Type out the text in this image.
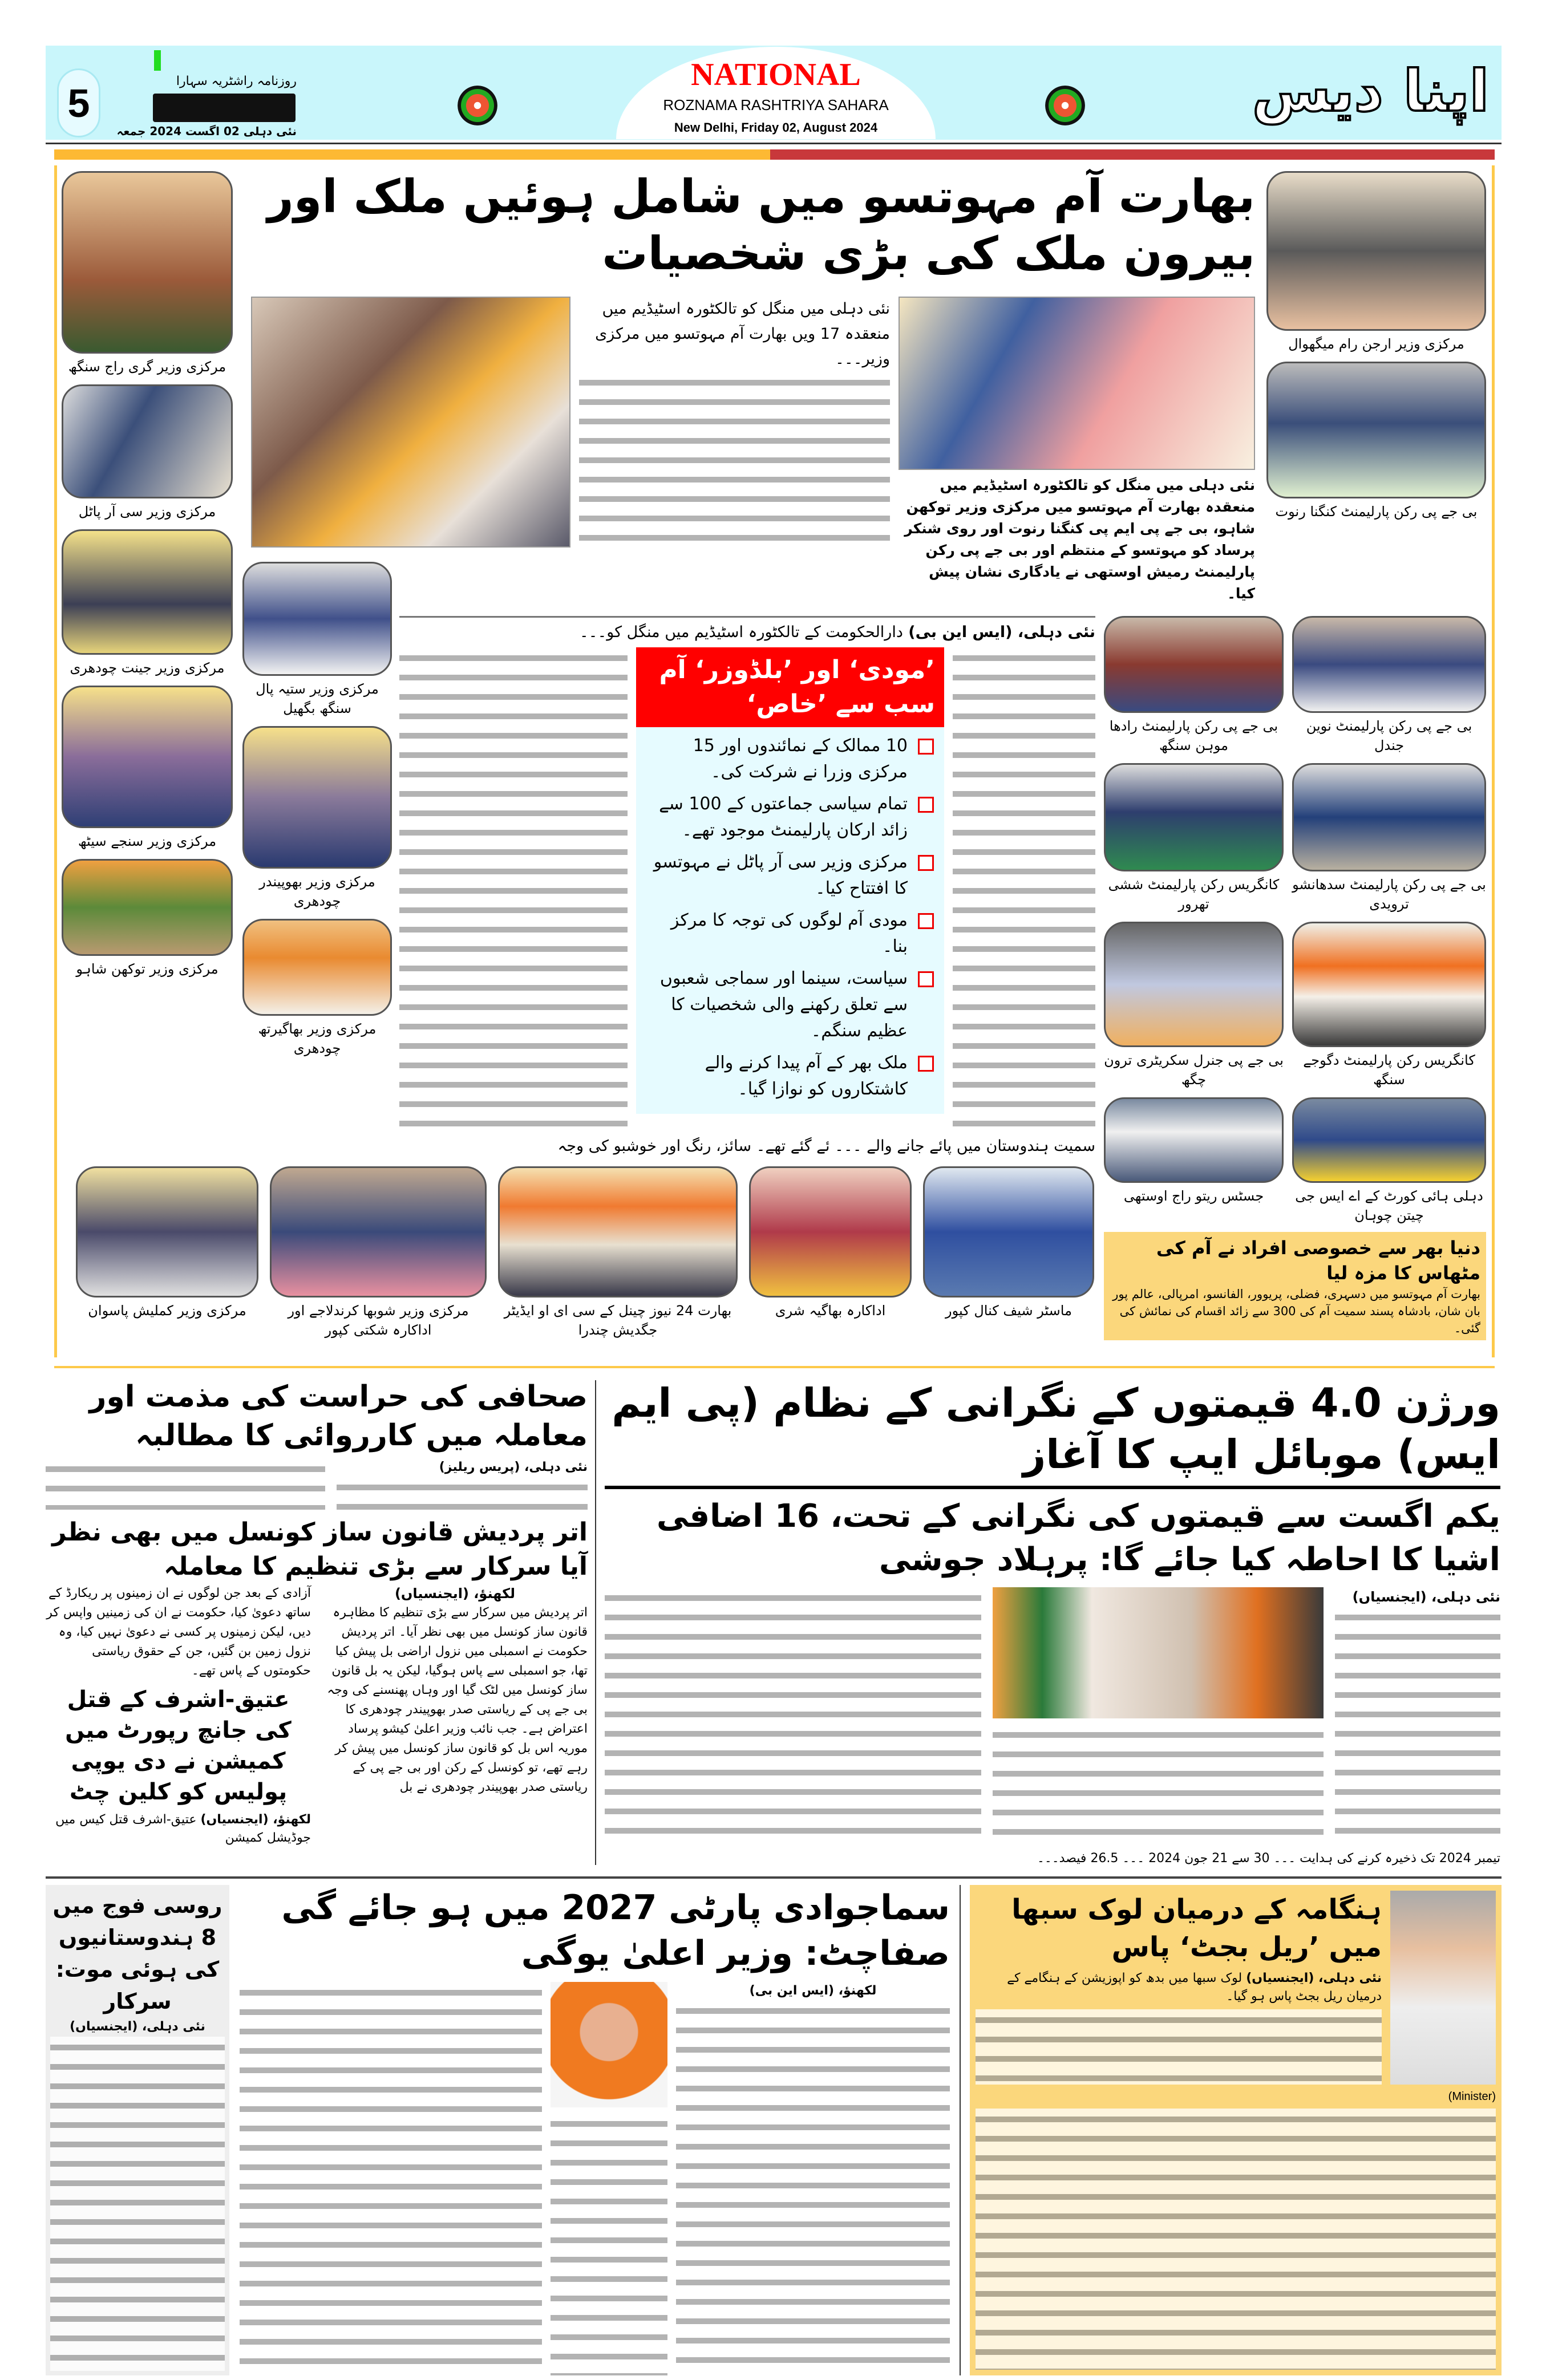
5	روزنامہ راشٹریہ سہارا
نئی دہلی 02 اگست 2024 جمعہ
NATIONAL
ROZNAMA RASHTRIYA SAHARA
New Delhi, Friday 02, August 2024
اپنا دیس
بھارت آم مہوتسو میں شامل ہوئیں ملک اور بیرون ملک کی بڑی شخصیات
مرکزی وزیر گری راج سنگھ
مرکزی وزیر سی آر پاٹل
مرکزی وزیر جینت چودھری
مرکزی وزیر سنجے سیٹھ
مرکزی وزیر توکھن شاہو
مرکزی وزیر ستیہ پال سنگھ بگھیل
مرکزی وزیر بھوپیندر چودھری
مرکزی وزیر بھاگیرتھ چودھری
نئی دہلی میں منگل کو تالکٹورہ اسٹیڈیم میں منعقدہ 17 ویں بھارت آم مہوتسو میں مرکزی وزیر۔۔۔
نئی دہلی میں منگل کو تالکٹورہ اسٹیڈیم میں منعقدہ بھارت آم مہوتسو میں مرکزی وزیر توکھن شاہو، بی جے پی ایم پی کنگنا رنوت اور روی شنکر پرساد کو مہوتسو کے منتظم اور بی جے پی رکن پارلیمنٹ رمیش اوستھی نے یادگاری نشان پیش کیا۔
مرکزی وزیر ارجن رام میگھوال
بی جے پی رکن پارلیمنٹ کنگنا رنوت
بی جے پی رکن پارلیمنٹ نوین جندل
بی جے پی رکن پارلیمنٹ سدھانشو ترویدی
کانگریس رکن پارلیمنٹ دگوجے سنگھ
دہلی ہائی کورٹ کے اے ایس جی چیتن چوہان
بی جے پی رکن پارلیمنٹ رادھا موہن سنگھ
کانگریس رکن پارلیمنٹ ششی تھرور
بی جے پی جنرل سکریٹری ترون چگھ
جسٹس ریتو راج اوستھی
نئی دہلی، (ایس این بی) دارالحکومت کے تالکٹورہ اسٹیڈیم میں منگل کو۔۔۔
’مودی‘ اور ’بلڈوزر‘ آم سب سے ’خاص‘
10 ممالک کے نمائندوں اور 15 مرکزی وزرا نے شرکت کی۔
تمام سیاسی جماعتوں کے 100 سے زائد ارکان پارلیمنٹ موجود تھے۔
مرکزی وزیر سی آر پاٹل نے مہوتسو کا افتتاح کیا۔
مودی آم لوگوں کی توجہ کا مرکز بنا۔
سیاست، سینما اور سماجی شعبوں سے تعلق رکھنے والی شخصیات کا عظیم سنگم۔
ملک بھر کے آم پیدا کرنے والے کاشتکاروں کو نوازا گیا۔
سمیت ہندوستان میں پائے جانے والے ۔۔۔ ئے گئے تھے۔ سائز، رنگ اور خوشبو کی وجہ
ماسٹر شیف کنال کپور
اداکارہ بھاگیہ شری
بھارت 24 نیوز چینل کے سی ای او ایڈیٹر جگدیش چندرا
مرکزی وزیر شوبھا کرندلاجے اور اداکارہ شکتی کپور
مرکزی وزیر کملیش پاسوان
دنیا بھر سے خصوصی افراد نے آم کی مٹھاس کا مزہ لیا
بھارت آم مہوتسو میں دسہری، فضلی، پریوور، الفانسو، امرپالی، عالم پور بان شان، بادشاہ پسند سمیت آم کی 300 سے زائد اقسام کی نمائش کی گئی۔
ورژن 4.0 قیمتوں کے نگرانی کے نظام (پی ایم ایس) موبائل ایپ کا آغاز
یکم اگست سے قیمتوں کی نگرانی کے تحت، 16 اضافی اشیا کا احاطہ کیا جائے گا: پرہلاد جوشی
نئی دہلی، (ایجنسیاں)
تیمبر 2024 تک ذخیرہ کرنے کی ہدایت ۔۔۔ 30 سے 21 جون 2024 ۔۔۔ 26.5 فیصد۔۔۔
صحافی کی حراست کی مذمت اور معاملہ میں کارروائی کا مطالبہ
نئی دہلی، (پریس ریلیز)
اتر پردیش قانون ساز کونسل میں بھی نظر آیا سرکار سے بڑی تنظیم کا معاملہ
لکھنؤ، (ایجنسیاں)
اتر پردیش میں سرکار سے بڑی تنظیم کا مظاہرہ قانون ساز کونسل میں بھی نظر آیا۔ اتر پردیش حکومت نے اسمبلی میں نزول اراضی بل پیش کیا تھا، جو اسمبلی سے پاس ہوگیا، لیکن یہ بل قانون ساز کونسل میں لٹک گیا اور وہاں پھنسنے کی وجہ بی جے پی کے ریاستی صدر بھوپیندر چودھری کا اعتراض ہے۔ جب نائب وزیر اعلیٰ کیشو پرساد موریہ اس بل کو قانون ساز کونسل میں پیش کر رہے تھے، تو کونسل کے رکن اور بی جے پی کے ریاستی صدر بھوپیندر چودھری نے بل
آزادی کے بعد جن لوگوں نے ان زمینوں پر ریکارڈ کے ساتھ دعویٰ کیا، حکومت نے ان کی زمینیں واپس کر دیں، لیکن زمینوں پر کسی نے دعویٰ نہیں کیا، وہ نزول زمین بن گئیں، جن کے حقوق ریاستی حکومتوں کے پاس تھے۔
عتیق-اشرف کے قتل کی جانچ رپورٹ میں کمیشن نے دی یوپی پولیس کو کلین چٹ
لکھنؤ، (ایجنسیاں) عتیق-اشرف قتل کیس میں جوڈیشل کمیشن
روسی فوج میں 8 ہندوستانیوں کی ہوئی موت: سرکار
نئی دہلی، (ایجنسیاں)
سماجوادی پارٹی 2027 میں ہو جائے گی صفاچٹ: وزیر اعلیٰ یوگی
لکھنؤ، (ایس این بی)
ہنگامہ کے درمیان لوک سبھا میں ’ریل بجٹ‘ پاس
نئی دہلی، (ایجنسیاں) لوک سبھا میں بدھ کو اپوزیشن کے ہنگامے کے درمیان ریل بجٹ پاس ہو گیا۔
(Minister)
